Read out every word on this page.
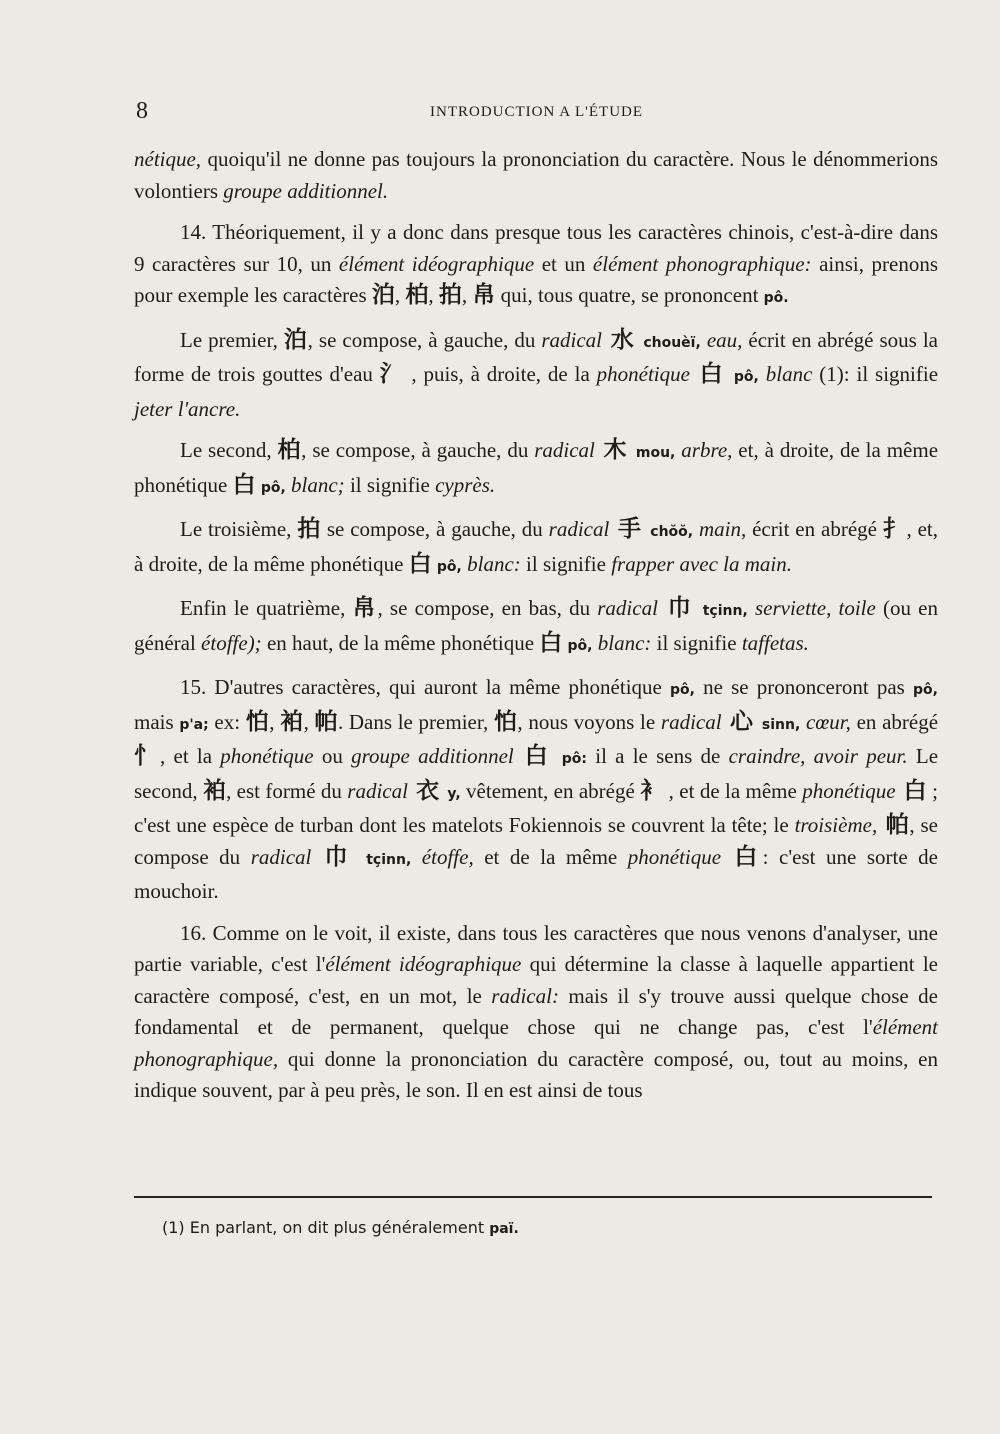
8	INTRODUCTION A L'ÉTUDE

nétique, quoiqu'il ne donne pas toujours la prononciation du caractère. Nous le dénommerions volontiers groupe additionnel.

14. Théoriquement, il y a donc dans presque tous les caractères chinois, c'est-à-dire dans 9 caractères sur 10, un élément idéographique et un élément phonographique: ainsi, prenons pour exemple les caractères 泊, 柏, 拍, 帛 qui, tous quatre, se prononcent pô.

Le premier, 泊, se compose, à gauche, du radical 水 chouèï, eau, écrit en abrégé sous la forme de trois gouttes d'eau 氵 , puis, à droite, de la phonétique 白 pô, blanc (1): il signifie jeter l'ancre.

Le second, 柏, se compose, à gauche, du radical 木 mou, arbre, et, à droite, de la même phonétique 白 pô, blanc; il signifie cyprès.

Le troisième, 拍 se compose, à gauche, du radical 手 chŏŏ, main, écrit en abrégé 扌, et, à droite, de la même phonétique 白 pô, blanc: il signifie frapper avec la main.

Enfin le quatrième, 帛, se compose, en bas, du radical 巾 tçinn, serviette, toile (ou en général étoffe); en haut, de la même phonétique 白 pô, blanc: il signifie taffetas.

15. D'autres caractères, qui auront la même phonétique pô, ne se prononceront pas pô, mais p'a; ex: 怕, 袙, 帕. Dans le premier, 怕, nous voyons le radical 心 sinn, cœur, en abrégé 忄, et la phonétique ou groupe additionnel 白 pô: il a le sens de craindre, avoir peur. Le second, 袙, est formé du radical 衣 y, vêtement, en abrégé 衤 , et de la même phonétique 白 ; c'est une espèce de turban dont les matelots Fokiennois se couvrent la tête; le troisième, 帕, se compose du radical 巾 tçinn, étoffe, et de la même phonétique 白: c'est une sorte de mouchoir.

16. Comme on le voit, il existe, dans tous les caractères que nous venons d'analyser, une partie variable, c'est l'élément idéographique qui détermine la classe à laquelle appartient le caractère composé, c'est, en un mot, le radical: mais il s'y trouve aussi quelque chose de fondamental et de permanent, quelque chose qui ne change pas, c'est l'élément phonographique, qui donne la prononciation du caractère composé, ou, tout au moins, en indique souvent, par à peu près, le son. Il en est ainsi de tous

(1) En parlant, on dit plus généralement paï.
